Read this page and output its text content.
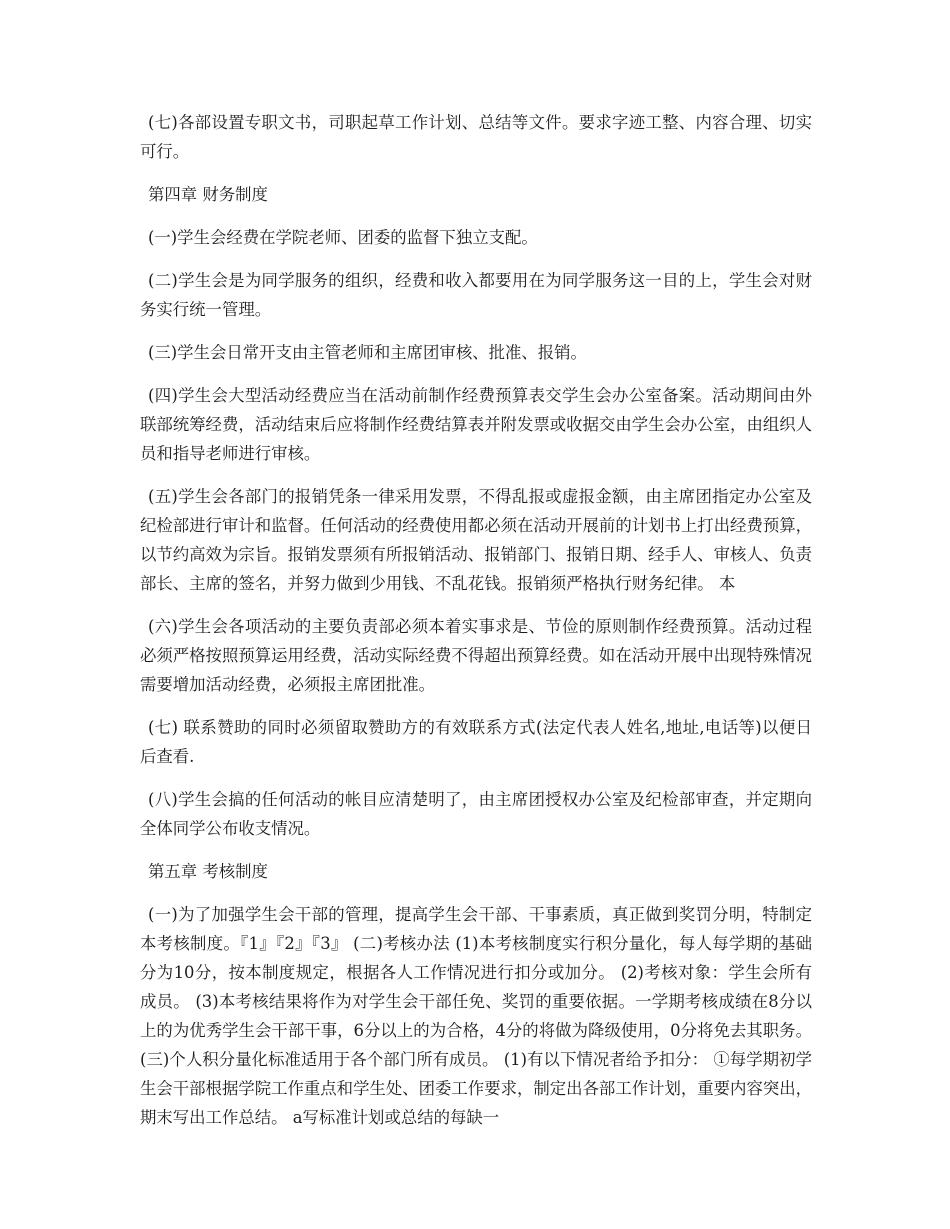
(七)各部设置专职文书，司职起草工作计划、总结等文件。要求字迹工整、内容合理、切实可行。

第四章 财务制度

(一)学生会经费在学院老师、团委的监督下独立支配。

(二)学生会是为同学服务的组织，经费和收入都要用在为同学服务这一目的上，学生会对财务实行统一管理。

(三)学生会日常开支由主管老师和主席团审核、批准、报销。

(四)学生会大型活动经费应当在活动前制作经费预算表交学生会办公室备案。活动期间由外联部统筹经费，活动结束后应将制作经费结算表并附发票或收据交由学生会办公室，由组织人员和指导老师进行审核。

(五)学生会各部门的报销凭条一律采用发票，不得乱报或虚报金额，由主席团指定办公室及纪检部进行审计和监督。任何活动的经费使用都必须在活动开展前的计划书上打出经费预算，以节约高效为宗旨。报销发票须有所报销活动、报销部门、报销日期、经手人、审核人、负责部长、主席的签名，并努力做到少用钱、不乱花钱。报销须严格执行财务纪律。 本

(六)学生会各项活动的主要负责部必须本着实事求是、节俭的原则制作经费预算。活动过程必须严格按照预算运用经费，活动实际经费不得超出预算经费。如在活动开展中出现特殊情况需要增加活动经费，必须报主席团批准。

(七) 联系赞助的同时必须留取赞助方的有效联系方式(法定代表人姓名,地址,电话等)以便日后查看.

(八)学生会搞的任何活动的帐目应清楚明了，由主席团授权办公室及纪检部审查，并定期向全体同学公布收支情况。

第五章 考核制度

(一)为了加强学生会干部的管理，提高学生会干部、干事素质，真正做到奖罚分明，特制定本考核制度。『1』『2』『3』 (二)考核办法 (1)本考核制度实行积分量化，每人每学期的基础分为10分，按本制度规定，根据各人工作情况进行扣分或加分。 (2)考核对象：学生会所有成员。 (3)本考核结果将作为对学生会干部任免、奖罚的重要依据。一学期考核成绩在8分以上的为优秀学生会干部干事，6分以上的为合格，4分的将做为降级使用，0分将免去其职务。 (三)个人积分量化标准适用于各个部门所有成员。 (1)有以下情况者给予扣分： ①每学期初学生会干部根据学院工作重点和学生处、团委工作要求，制定出各部工作计划，重要内容突出，期末写出工作总结。 a写标准计划或总结的每缺一
